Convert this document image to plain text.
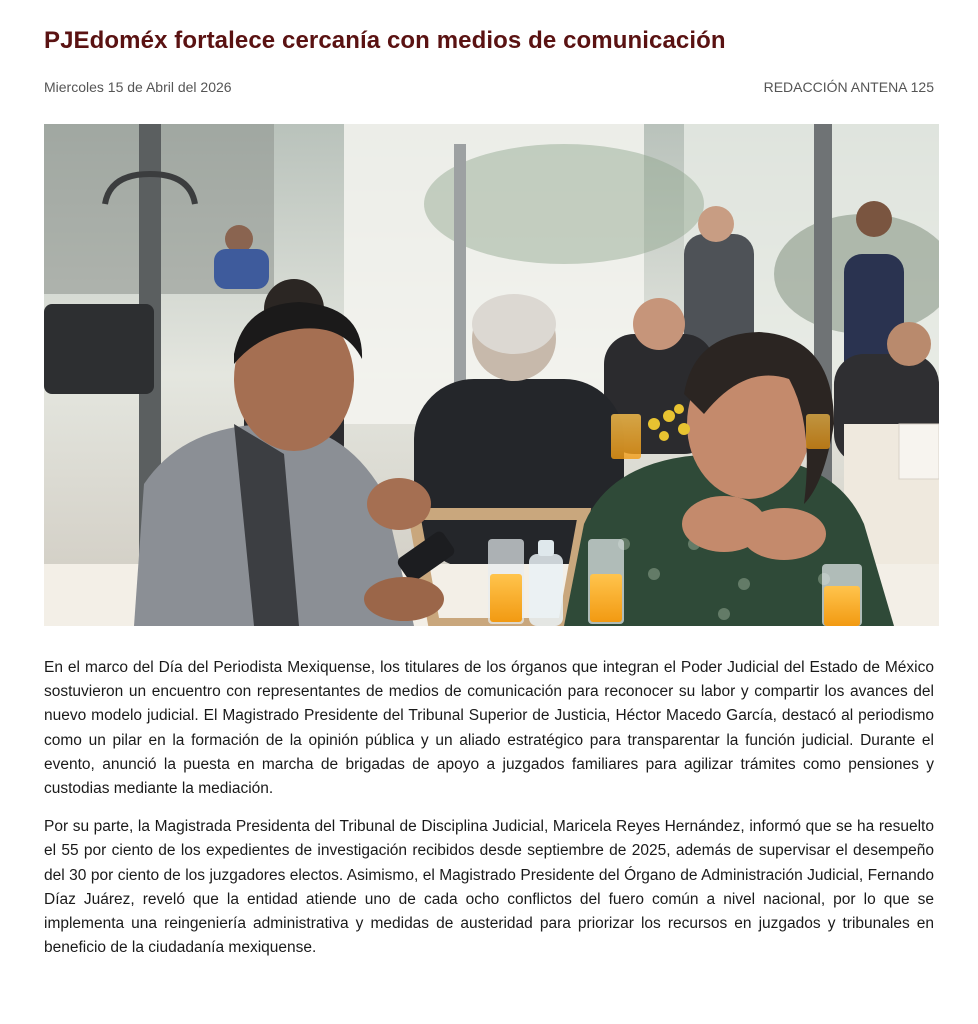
PJEdoméx fortalece cercanía con medios de comunicación
Miercoles 15 de Abril del 2026	REDACCIÓN ANTENA 125

En el marco del Día del Periodista Mexiquense, los titulares de los órganos que integran el Poder Judicial del Estado de México sostuvieron un encuentro con representantes de medios de comunicación para reconocer su labor y compartir los avances del nuevo modelo judicial. El Magistrado Presidente del Tribunal Superior de Justicia, Héctor Macedo García, destacó al periodismo como un pilar en la formación de la opinión pública y un aliado estratégico para transparentar la función judicial. Durante el evento, anunció la puesta en marcha de brigadas de apoyo a juzgados familiares para agilizar trámites como pensiones y custodias mediante la mediación.

Por su parte, la Magistrada Presidenta del Tribunal de Disciplina Judicial, Maricela Reyes Hernández, informó que se ha resuelto el 55 por ciento de los expedientes de investigación recibidos desde septiembre de 2025, además de supervisar el desempeño del 30 por ciento de los juzgadores electos. Asimismo, el Magistrado Presidente del Órgano de Administración Judicial, Fernando Díaz Juárez, reveló que la entidad atiende uno de cada ocho conflictos del fuero común a nivel nacional, por lo que se implementa una reingeniería administrativa y medidas de austeridad para priorizar los recursos en juzgados y tribunales en beneficio de la ciudadanía mexiquense.
